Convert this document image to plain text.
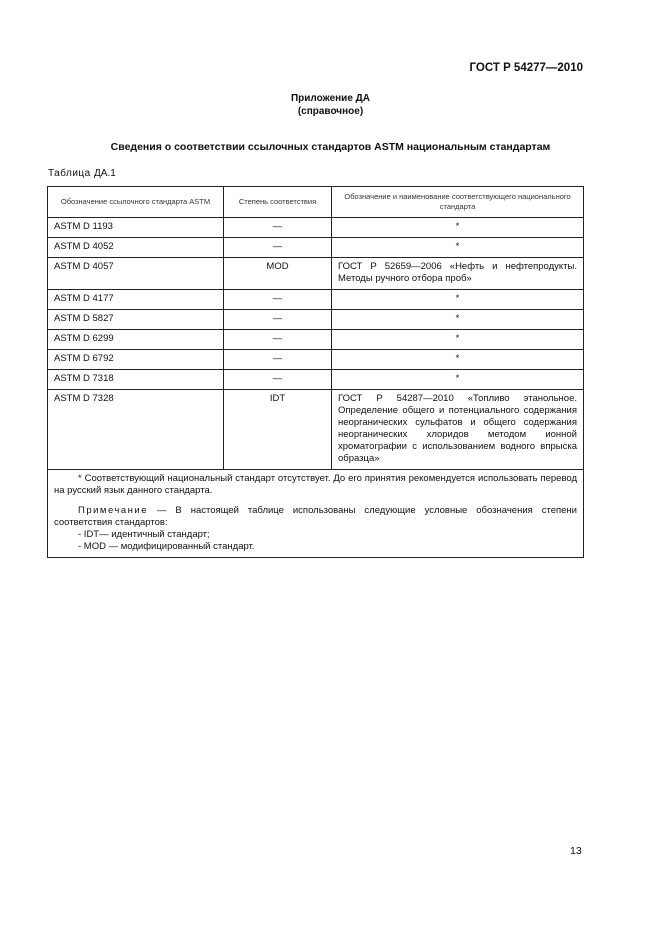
ГОСТ Р 54277—2010
Приложение ДА
(справочное)
Сведения о соответствии ссылочных стандартов ASTM национальным стандартам
Таблица ДА.1
Обозначение ссылочного стандарта ASTM	Степень соответствия	Обозначение и наименование соответствующего национального стандарта
ASTM D 1193	—	*
ASTM D 4052	—	*
ASTM D 4057	MOD	ГОСТ Р 52659—2006 «Нефть и нефтепродукты. Методы ручного отбора проб»
ASTM D 4177	—	*
ASTM D 5827	—	*
ASTM D 6299	—	*
ASTM D 6792	—	*
ASTM D 7318	—	*
ASTM D 7328	IDT	ГОСТ Р 54287—2010 «Топливо этанольное. Определение общего и потенциального содержания неорганических сульфатов и общего содержания неорганических хлоридов методом ионной хроматографии с использованием водного впрыска образца»

* Соответствующий национальный стандарт отсутствует. До его принятия рекомендуется использовать перевод на русский язык данного стандарта.
Примечание — В настоящей таблице использованы следующие условные обозначения степени соответствия стандартов:
- IDT— идентичный стандарт;
- MOD — модифицированный стандарт.		
13
